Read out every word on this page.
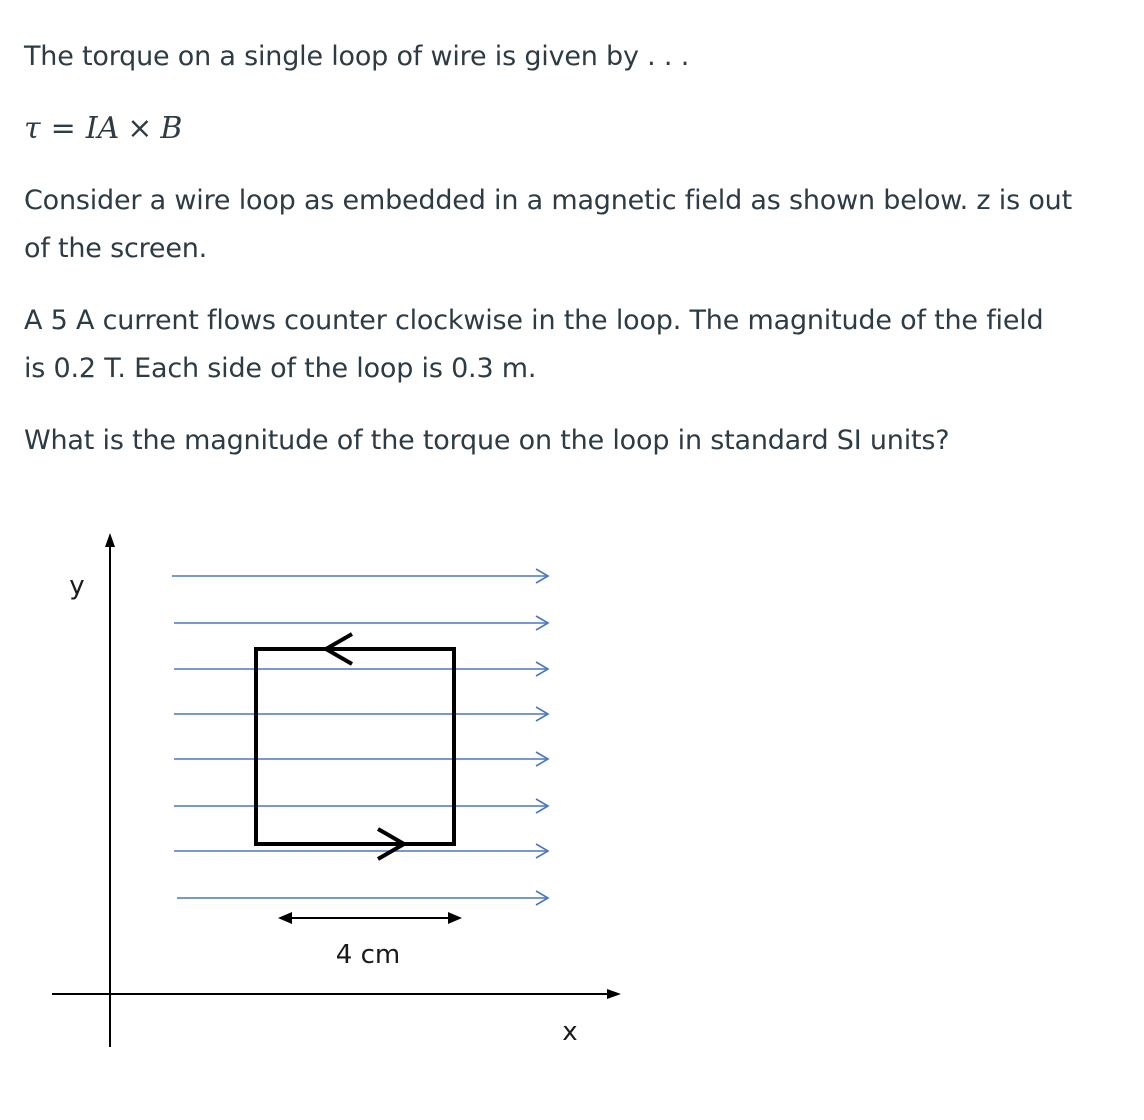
The torque on a single loop of wire is given by . . .

τ = IA × B

Consider a wire loop as embedded in a magnetic field as shown below. z is out
of the screen.

A 5 A current flows counter clockwise in the loop. The magnitude of the field
is 0.2 T. Each side of the loop is 0.3 m.

What is the magnitude of the torque on the loop in standard SI units?

4 cm
y
x
